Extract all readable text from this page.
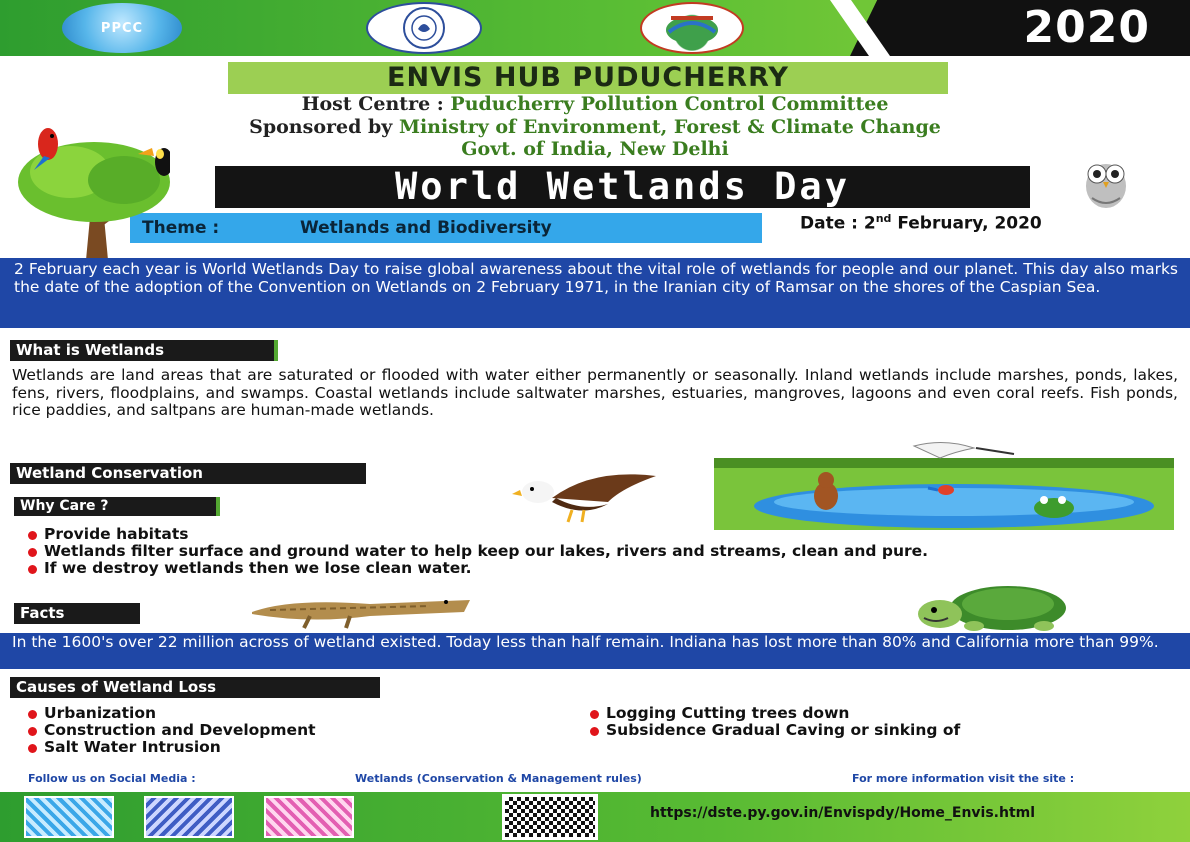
2020
PPCC
ENVIS HUB PUDUCHERRY
Host Centre : Puducherry Pollution Control Committee
Sponsored by Ministry of Environment, Forest & Climate Change
Govt. of India, New Delhi
World Wetlands Day
Theme :	Wetlands and Biodiversity	Date : 2nd February, 2020
2 February each year is World Wetlands Day to raise global awareness about the vital role of wetlands for people and our planet. This day also marks the date of the adoption of the Convention on Wetlands on 2 February 1971, in the Iranian city of Ramsar on the shores of the Caspian Sea.
What is Wetlands
Wetlands are land areas that are saturated or flooded with water either permanently or seasonally. Inland wetlands include marshes, ponds, lakes, fens, rivers, floodplains, and swamps. Coastal wetlands include saltwater marshes, estuaries, mangroves, lagoons and even coral reefs. Fish ponds, rice paddies, and saltpans are human-made wetlands.
Wetland Conservation
Why Care ?
Provide habitats
Wetlands filter surface and ground water to help keep our lakes, rivers and streams, clean and pure.
If we destroy wetlands then we lose clean water.
Facts
In the 1600's over 22 million across of wetland existed. Today less than half remain. Indiana has lost more than 80% and California more than 99%.
Causes of Wetland Loss
Urbanization
Construction and Development
Salt Water Intrusion
Logging Cutting trees down
Subsidence Gradual Caving or sinking of
Follow us on Social Media :	Wetlands (Conservation & Management rules)	For more information visit the site :
https://dste.py.gov.in/Envispdy/Home_Envis.html
